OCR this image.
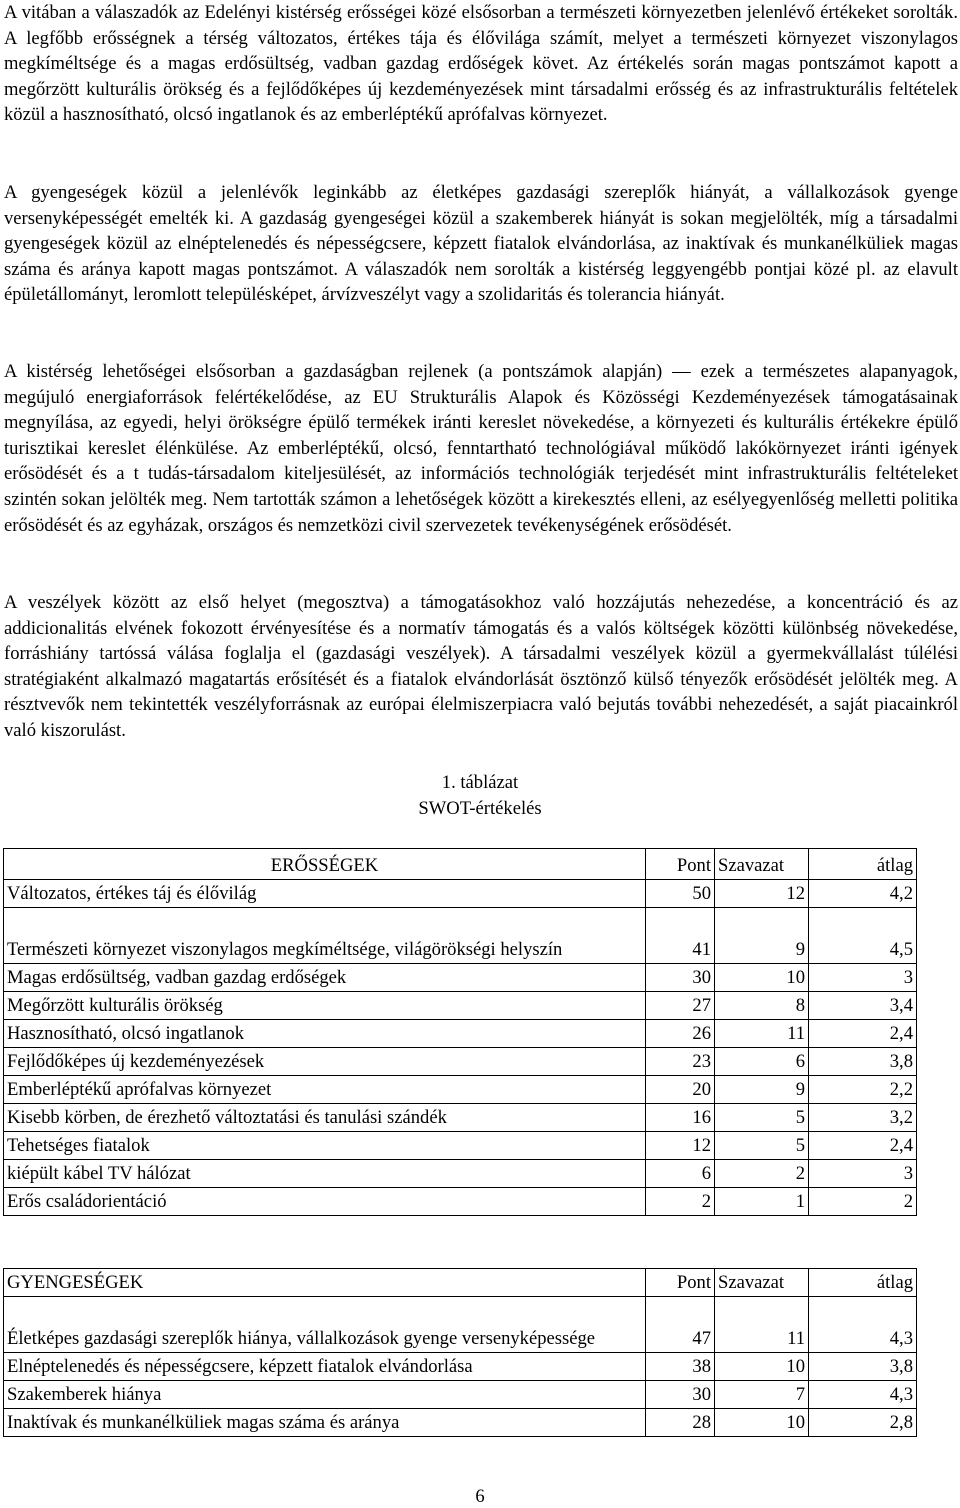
A vitában a válaszadók az Edelényi kistérség erősségei közé elsősorban a természeti környezetben jelenlévő értékeket sorolták. A legfőbb erősségnek a térség változatos, értékes tája és élővilága számít, melyet a természeti környezet viszonylagos megkíméltsége és a magas erdősültség, vadban gazdag erdőségek követ. Az értékelés során magas pontszámot kapott a megőrzött kulturális örökség és a fejlődőképes új kezdeményezések mint társadalmi erősség és az infrastrukturális feltételek közül a hasznosítható, olcsó ingatlanok és az emberléptékű aprófalvas környezet.

A gyengeségek közül a jelenlévők leginkább az életképes gazdasági szereplők hiányát, a vállalkozások gyenge versenyképességét emelték ki. A gazdaság gyengeségei közül a szakemberek hiányát is sokan megjelölték, míg a társadalmi gyengeségek közül az elnéptelenedés és népességcsere, képzett fiatalok elvándorlása, az inaktívak és munkanélküliek magas száma és aránya kapott magas pontszámot. A válaszadók nem sorolták a kistérség leggyengébb pontjai közé pl. az elavult épületállományt, leromlott településképet, árvízveszélyt vagy a szolidaritás és tolerancia hiányát.

A kistérség lehetőségei elsősorban a gazdaságban rejlenek (a pontszámok alapján) — ezek a természetes alapanyagok, megújuló energiaforrások felértékelődése, az EU Strukturális Alapok és Közösségi Kezdeményezések támogatásainak megnyílása, az egyedi, helyi örökségre épülő termékek iránti kereslet növekedése, a környezeti és kulturális értékekre épülő turisztikai kereslet élénkülése. Az emberléptékű, olcsó, fenntartható technológiával működő lakókörnyezet iránti igények erősödését és a t tudás-társadalom kiteljesülését, az információs technológiák terjedését mint infrastrukturális feltételeket szintén sokan jelölték meg. Nem tartották számon a lehetőségek között a kirekesztés elleni, az esélyegyenlőség melletti politika erősödését és az egyházak, országos és nemzetközi civil szervezetek tevékenységének erősödését.

A veszélyek között az első helyet (megosztva) a támogatásokhoz való hozzájutás nehezedése, a koncentráció és az addicionalitás elvének fokozott érvényesítése és a normatív támogatás és a valós költségek közötti különbség növekedése, forráshiány tartóssá válása foglalja el (gazdasági veszélyek). A társadalmi veszélyek közül a gyermekvállalást túlélési stratégiaként alkalmazó magatartás erősítését és a fiatalok elvándorlását ösztönző külső tényezők erősödését jelölték meg. A résztvevők nem tekintették veszélyforrásnak az európai élelmiszerpiacra való bejutás további nehezedését, a saját piacainkról való kiszorulást.

1. táblázat

SWOT-értékelés

ERŐSSÉGEK	Pont	Szavazat	átlag
Változatos, értékes táj és élővilág	50	12	4,2
Természeti környezet viszonylagos megkíméltsége, világörökségi helyszín	41	9	4,5
Magas erdősültség, vadban gazdag erdőségek	30	10	3
Megőrzött kulturális örökség	27	8	3,4
Hasznosítható, olcsó ingatlanok	26	11	2,4
Fejlődőképes új kezdeményezések	23	6	3,8
Emberléptékű aprófalvas környezet	20	9	2,2
Kisebb körben, de érezhető változtatási és tanulási szándék	16	5	3,2
Tehetséges fiatalok	12	5	2,4
kiépült kábel TV hálózat	6	2	3
Erős családorientáció	2	1	2
GYENGESÉGEK	Pont	Szavazat	átlag
Életképes gazdasági szereplők hiánya, vállalkozások gyenge versenyképessége	47	11	4,3
Elnéptelenedés és népességcsere, képzett fiatalok elvándorlása	38	10	3,8
Szakemberek hiánya	30	7	4,3
Inaktívak és munkanélküliek magas száma és aránya	28	10	2,8
6
